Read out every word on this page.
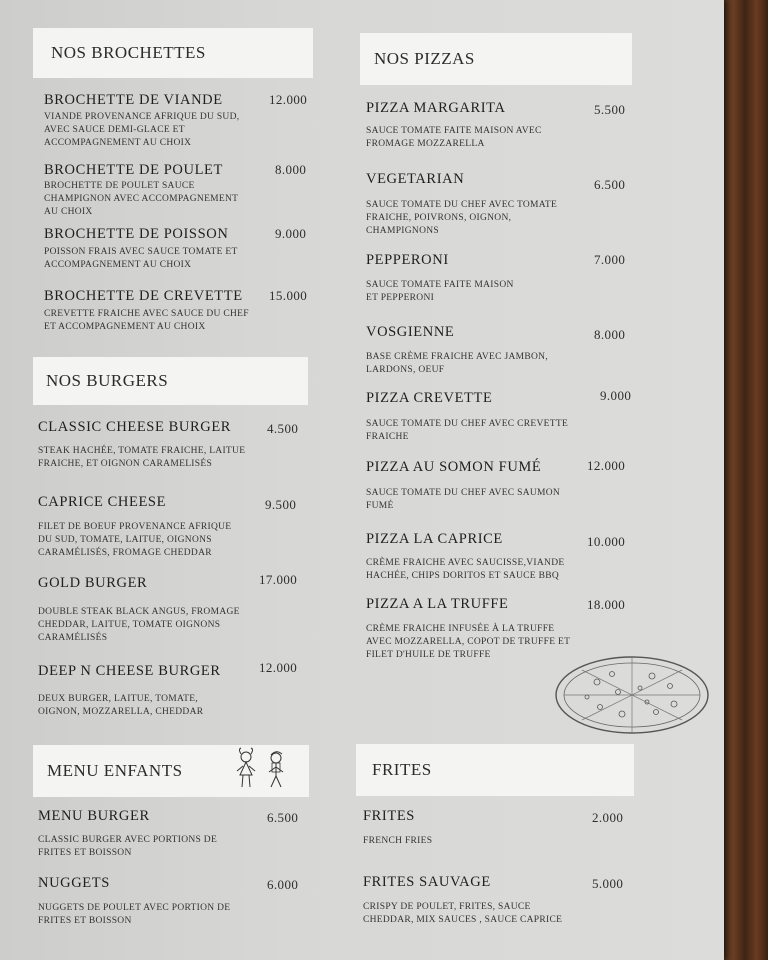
NOS BROCHETTES
BROCHETTE DE VIANDE	12.000
VIANDE PROVENANCE AFRIQUE DU SUD,
AVEC SAUCE DEMI-GLACE ET
ACCOMPAGNEMENT AU CHOIX
BROCHETTE DE POULET	8.000
BROCHETTE DE POULET SAUCE
CHAMPIGNON AVEC ACCOMPAGNEMENT
AU CHOIX
BROCHETTE DE POISSON	9.000
POISSON FRAIS AVEC SAUCE TOMATE ET
ACCOMPAGNEMENT AU CHOIX
BROCHETTE DE CREVETTE 15.000
CREVETTE FRAICHE AVEC SAUCE DU CHEF
ET ACCOMPAGNEMENT AU CHOIX
NOS BURGERS
CLASSIC CHEESE BURGER	4.500
STEAK HACHÉE, TOMATE FRAICHE, LAITUE
FRAICHE, ET OIGNON CARAMELISÉS
CAPRICE CHEESE	9.500
FILET DE BOEUF PROVENANCE AFRIQUE
DU SUD, TOMATE, LAITUE, OIGNONS
CARAMÉLISÉS, FROMAGE CHEDDAR
GOLD BURGER	17.000
DOUBLE STEAK BLACK ANGUS, FROMAGE
CHEDDAR, LAITUE, TOMATE OIGNONS
CARAMÉLISÉS
DEEP N CHEESE BURGER	12.000
DEUX BURGER, LAITUE, TOMATE,
OIGNON, MOZZARELLA, CHEDDAR
MENU ENFANTS
MENU BURGER	6.500
CLASSIC BURGER AVEC PORTIONS DE
FRITES ET BOISSON
NUGGETS	6.000
NUGGETS DE POULET AVEC PORTION DE
FRITES ET BOISSON
NOS PIZZAS
PIZZA MARGARITA	5.500
SAUCE TOMATE FAITE MAISON AVEC
FROMAGE MOZZARELLA
VEGETARIAN	6.500
SAUCE TOMATE DU CHEF AVEC TOMATE
FRAICHE, POIVRONS, OIGNON,
CHAMPIGNONS
PEPPERONI	7.000
SAUCE TOMATE FAITE MAISON
ET PEPPERONI
VOSGIENNE	8.000
BASE CRÈME FRAICHE AVEC JAMBON,
LARDONS, OEUF
PIZZA CREVETTE	9.000
SAUCE TOMATE DU CHEF AVEC CREVETTE
FRAICHE
PIZZA AU SOMON FUMÉ	12.000
SAUCE TOMATE DU CHEF AVEC SAUMON
FUMÉ
PIZZA LA CAPRICE	10.000
CRÈME FRAICHE AVEC SAUCISSE,VIANDE
HACHÉE, CHIPS DORITOS ET SAUCE BBQ
PIZZA A LA TRUFFE	18.000
CRÈME FRAICHE INFUSÉE À LA TRUFFE
AVEC MOZZARELLA, COPOT DE TRUFFE ET
FILET D'HUILE DE TRUFFE
FRITES
FRITES	2.000
FRENCH FRIES
FRITES SAUVAGE	5.000
CRISPY DE POULET, FRITES, SAUCE
CHEDDAR, MIX SAUCES , SAUCE CAPRICE
